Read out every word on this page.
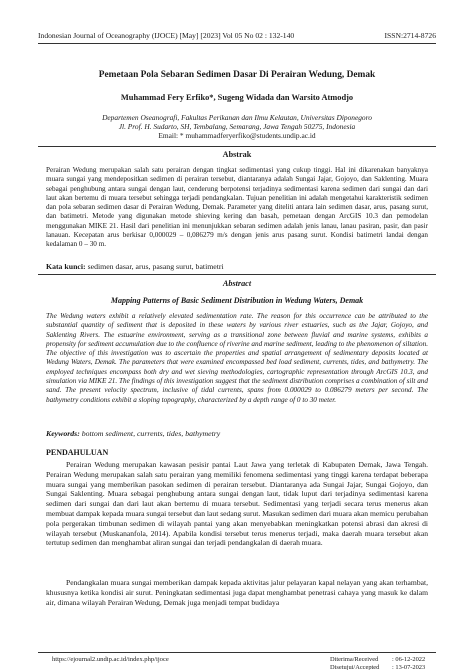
Indonesian Journal of Oceanography (IJOCE) [May] [2023] Vol 05 No 02 : 132-140	ISSN:2714-8726
Pemetaan Pola Sebaran Sedimen Dasar Di Perairan Wedung, Demak
Muhammad Fery Erfiko*, Sugeng Widada dan Warsito Atmodjo
Departemen Oseanografi, Fakultas Perikanan dan Ilmu Kelautan, Universitas Diponegoro
Jl. Prof. H. Sudarto, SH, Tembalang, Semarang, Jawa Tengah 50275, Indonesia
Email: * muhammadferyerfiko@students.undip.ac.id
Abstrak
Perairan Wedung merupakan salah satu perairan dengan tingkat sedimentasi yang cukup tinggi. Hal ini dikarenakan banyaknya muara sungai yang mendepositkan sedimen di perairan tersebut, diantaranya adalah Sungai Jajar, Gojoyo, dan Saklenting. Muara sebagai penghubung antara sungai dengan laut, cenderung berpotensi terjadinya sedimentasi karena sedimen dari sungai dan dari laut akan bertemu di muara tersebut sehingga terjadi pendangkalan. Tujuan penelitian ini adalah mengetahui karakteristik sedimen dan pola sebaran sedimen dasar di Perairan Wedung, Demak. Parameter yang diteliti antara lain sedimen dasar, arus, pasang surut, dan batimetri. Metode yang digunakan metode shieving kering dan basah, pemetaan dengan ArcGIS 10.3 dan pemodelan menggunakan MIKE 21. Hasil dari penelitian ini menunjukkan sebaran sedimen adalah jenis lanau, lanau pasiran, pasir, dan pasir lanauan. Kecepatan arus berkisar 0,000029 – 0,086279 m/s dengan jenis arus pasang surut. Kondisi batimetri landai dengan kedalaman 0 – 30 m.
Kata kunci: sedimen dasar, arus, pasang surut, batimetri
Abstract
Mapping Patterns of Basic Sediment Distribution in Wedung Waters, Demak
The Wedung waters exhibit a relatively elevated sedimentation rate. The reason for this occurrence can be attributed to the substantial quantity of sediment that is deposited in these waters by various river estuaries, such as the Jajar, Gojoyo, and Saklenting Rivers. The estuarine environment, serving as a transitional zone between fluvial and marine systems, exhibits a propensity for sediment accumulation due to the confluence of riverine and marine sediment, leading to the phenomenon of siltation. The objective of this investigation was to ascertain the properties and spatial arrangement of sedimentary deposits located at Wedung Waters, Demak. The parameters that were examined encompassed bed load sediment, currents, tides, and bathymetry. The employed techniques encompass both dry and wet sieving methodologies, cartographic representation through ArcGIS 10.3, and simulation via MIKE 21. The findings of this investigation suggest that the sediment distribution comprises a combination of silt and sand. The present velocity spectrum, inclusive of tidal currents, spans from 0.000029 to 0.086279 meters per second. The bathymetry conditions exhibit a sloping topography, characterized by a depth range of 0 to 30 meter.
Keywords: bottom sediment, currents, tides, bathymetry
PENDAHULUAN
Perairan Wedung merupakan kawasan pesisir pantai Laut Jawa yang terletak di Kabupaten Demak, Jawa Tengah. Perairan Wedung merupakan salah satu perairan yang memiliki fenomena sedimentasi yang tinggi karena terdapat beberapa muara sungai yang memberikan pasokan sedimen di perairan tersebut. Diantaranya ada Sungai Jajar, Sungai Gojoyo, dan Sungai Saklenting. Muara sebagai penghubung antara sungai dengan laut, tidak luput dari terjadinya sedimentasi karena sedimen dari sungai dan dari laut akan bertemu di muara tersebut. Sedimentasi yang terjadi secara terus menerus akan membuat dampak kepada muara sungai tersebut dan laut sedang surut. Masukan sedimen dari muara akan memicu perubahan pola pergerakan timbunan sedimen di wilayah pantai yang akan menyebabkan meningkatkan potensi abrasi dan akresi di wilayah tersebut (Muskananfola, 2014). Apabila kondisi tersebut terus menerus terjadi, maka daerah muara tersebut akan tertutup sedimen dan menghambat aliran sungai dan terjadi pendangkalan di daerah muara.
Pendangkalan muara sungai memberikan dampak kepada aktivitas jalur pelayaran kapal nelayan yang akan terhambat, khususnya ketika kondisi air surut. Peningkatan sedimentasi juga dapat menghambat penetrasi cahaya yang masuk ke dalam air, dimana wilayah Perairan Wedung, Demak juga menjadi tempat budidaya
https://ejournal2.undip.ac.id/index.php/ijoce	Diterima/Received	: 06-12-2022
Disetujui/Accepted	: 13-07-2023
